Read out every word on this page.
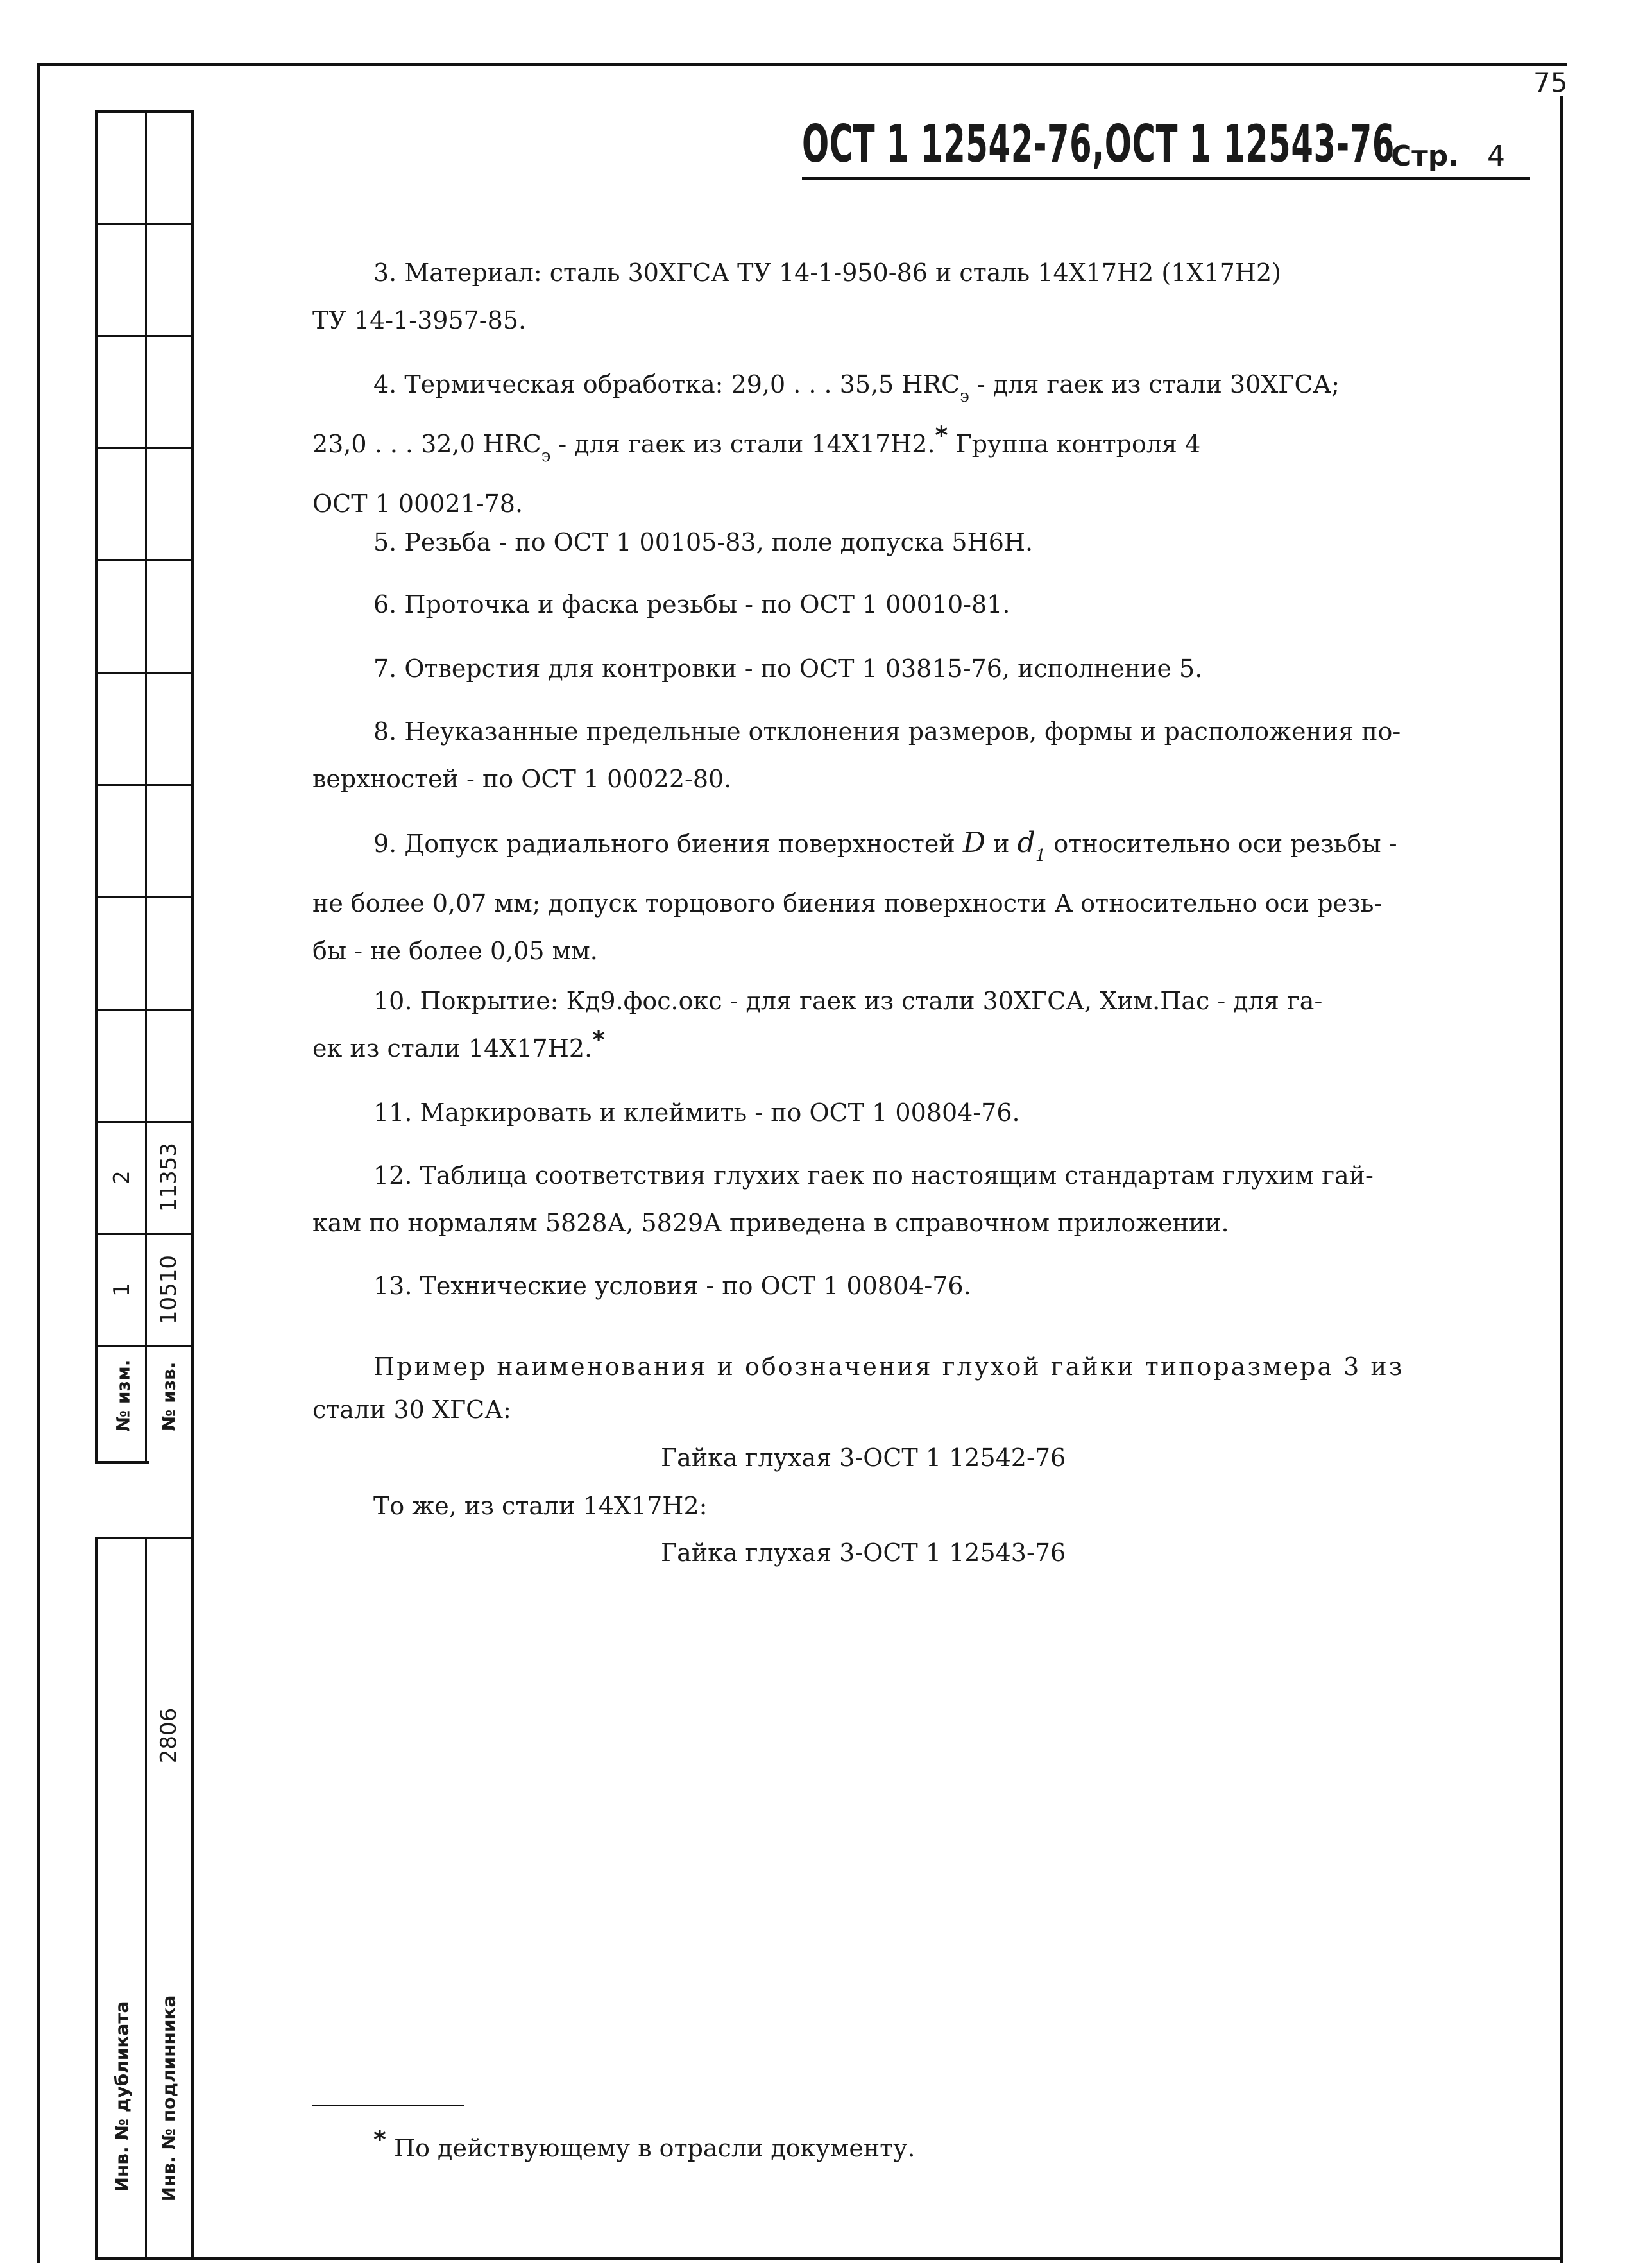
75
ОСТ 1 12542-76,ОСТ 1 12543-76
Стр. 4

3. Материал: сталь 30ХГСА ТУ 14-1-950-86 и сталь 14Х17Н2 (1Х17Н2)

ТУ 14-1-3957-85.

4. Термическая обработка: 29,0 . . . 35,5 $HRC_э$ - для гаек из стали 30ХГСА;

23,0 . . . 32,0 $HRC_э$ - для гаек из стали 14Х17Н2.* Группа контроля 4

ОСТ 1 00021-78.

5. Резьба - по ОСТ 1 00105-83, поле допуска 5Н6Н.

6. Проточка и фаска резьбы - по ОСТ 1 00010-81.

7. Отверстия для контровки - по ОСТ 1 03815-76, исполнение 5.

8. Неуказанные предельные отклонения размеров, формы и расположения по-

верхностей - по ОСТ 1 00022-80.

9. Допуск радиального биения поверхностей D и $d_1$ относительно оси резьбы -

не более 0,07 мм; допуск торцового биения поверхности А относительно оси резь-

бы - не более 0,05 мм.

10. Покрытие: Кд9.фос.окс - для гаек из стали 30ХГСА, Хим.Пас - для га-

ек из стали 14Х17Н2.*

11. Маркировать и клеймить - по ОСТ 1 00804-76.

12. Таблица соответствия глухих гаек по настоящим стандартам глухим гай-

кам по нормалям 5828А, 5829А приведена в справочном приложении.

13. Технические условия - по ОСТ 1 00804-76.

Пример наименования и обозначения глухой гайки типоразмера 3 из

стали 30 ХГСА:

Гайка глухая 3-ОСТ 1 12542-76
То же, из стали 14Х17Н2:
Гайка глухая 3-ОСТ 1 12543-76
* По действующему в отрасли документу.
1
2
№ изм.
10510
11353
№ изв.
2806
Инв. № дубликата Инв. № подлинника
